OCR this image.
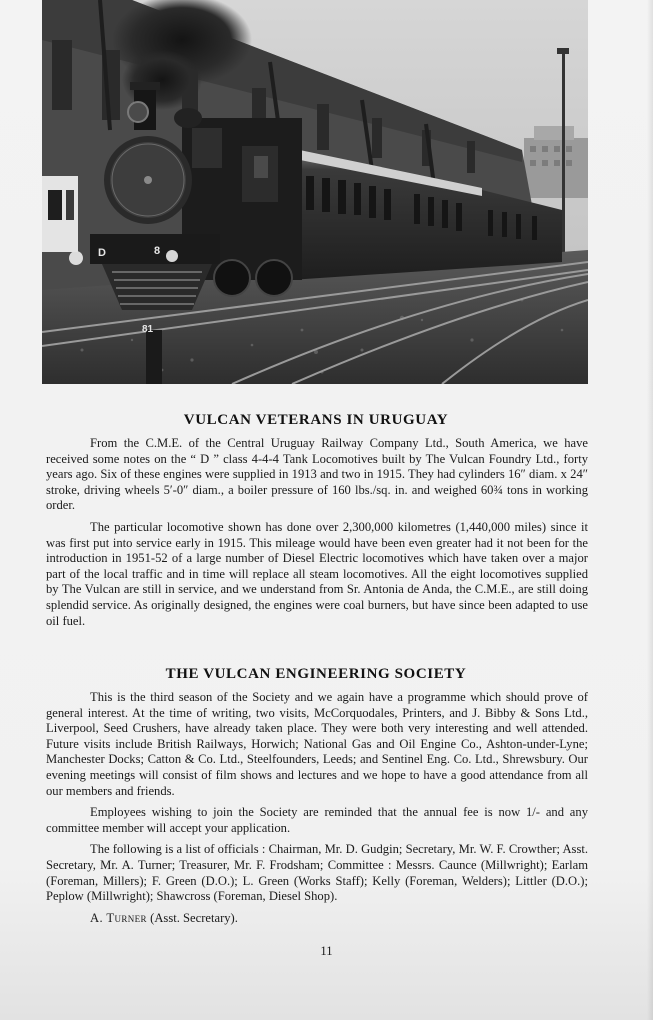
D	8
81
VULCAN VETERANS IN URUGUAY

From the C.M.E. of the Central Uruguay Railway Company Ltd., South America, we have received some notes on the “ D ” class 4-4-4 Tank Locomotives built by The Vulcan Foundry Ltd., forty years ago. Six of these engines were supplied in 1913 and two in 1915. They had cylinders 16″ diam. x 24″ stroke, driving wheels 5′-0″ diam., a boiler pressure of 160 lbs./sq. in. and weighed 60¾ tons in working order.

The particular locomotive shown has done over 2,300,000 kilometres (1,440,000 miles) since it was first put into service early in 1915. This mileage would have been even greater had it not been for the introduction in 1951-52 of a large number of Diesel Electric locomotives which have taken over a major part of the local traffic and in time will replace all steam locomotives. All the eight locomotives supplied by The Vulcan are still in service, and we understand from Sr. Antonia de Anda, the C.M.E., are still doing splendid service. As originally designed, the engines were coal burners, but have since been adapted to use oil fuel.

THE VULCAN ENGINEERING SOCIETY

This is the third season of the Society and we again have a programme which should prove of general interest. At the time of writing, two visits, McCorquodales, Printers, and J. Bibby & Sons Ltd., Liverpool, Seed Crushers, have already taken place. They were both very interesting and well attended. Future visits include British Railways, Horwich; National Gas and Oil Engine Co., Ashton-under-Lyne; Manchester Docks; Catton & Co. Ltd., Steelfounders, Leeds; and Sentinel Eng. Co. Ltd., Shrewsbury. Our evening meetings will consist of film shows and lectures and we hope to have a good attendance from all our members and friends.

Employees wishing to join the Society are reminded that the annual fee is now 1/- and any committee member will accept your application.

The following is a list of officials : Chairman, Mr. D. Gudgin; Secretary, Mr. W. F. Crowther; Asst. Secretary, Mr. A. Turner; Treasurer, Mr. F. Frodsham; Committee : Messrs. Caunce (Millwright); Earlam (Foreman, Millers); F. Green (D.O.); L. Green (Works Staff); Kelly (Foreman, Welders); Littler (D.O.); Peplow (Millwright); Shawcross (Foreman, Diesel Shop).

A. Turner (Asst. Secretary).

11
